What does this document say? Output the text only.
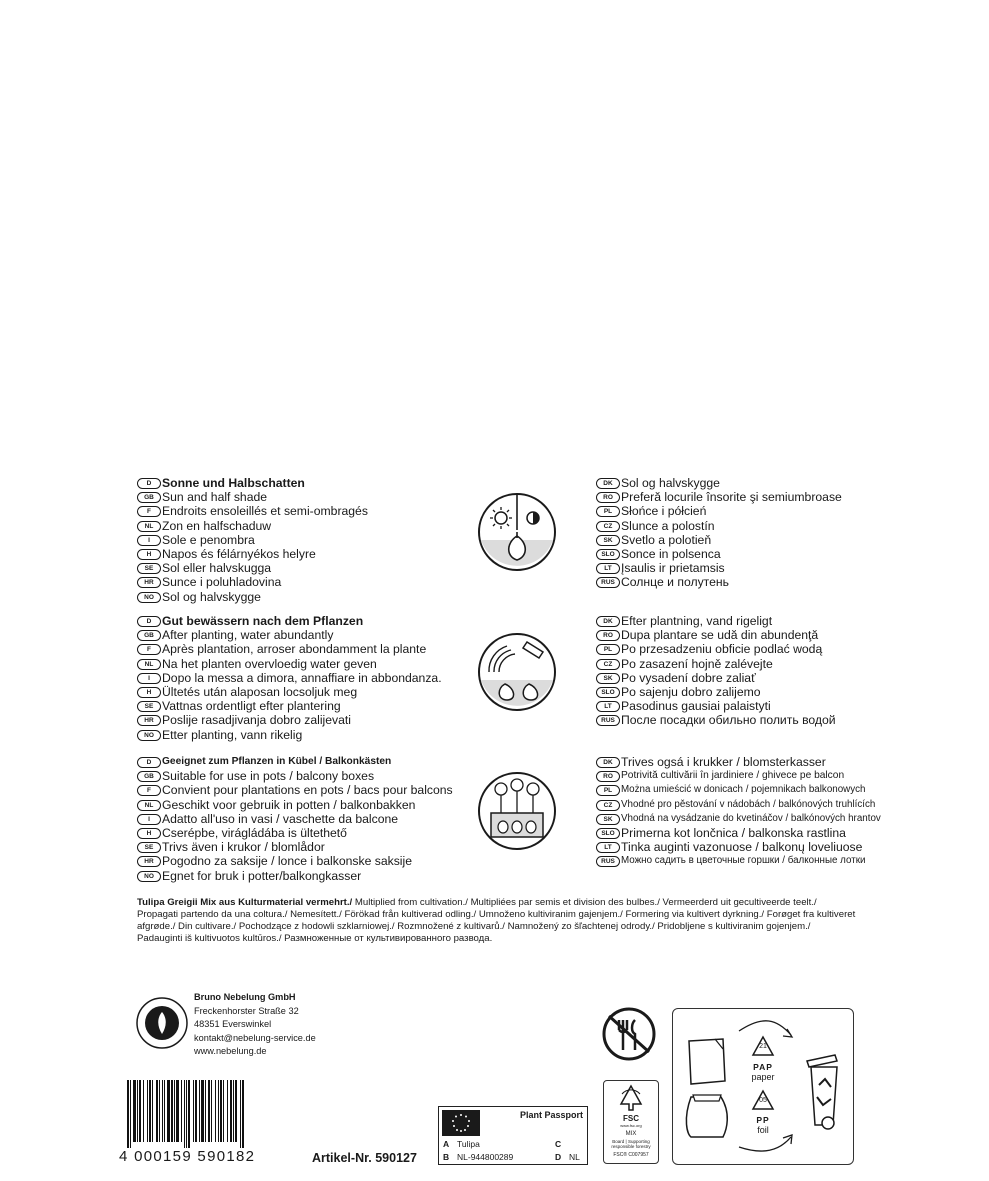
D Sonne und Halbschatten
GB Sun and half shade
F Endroits ensoleillés et semi-ombragés
NL Zon en halfschaduw
I Sole e penombra
H Napos és félárnyékos helyre
SE Sol eller halvskugga
HR Sunce i poluhladovina
NO Sol og halvskygge
DK Sol og halvskygge
RO Preferă locurile însorite şi semiumbroase
PL Słońce i półcień
CZ Slunce a polostín
SK Svetlo a polotieň
SLO Sonce in polsenca
LT Įsaulis ir prietamsis
RUS Солнце и полутень
D Gut bewässern nach dem Pflanzen
GB After planting, water abundantly
F Après plantation, arroser abondamment la plante
NL Na het planten overvloedig water geven
I Dopo la messa a dimora, annaffiare in abbondanza.
H Ültetés után alaposan locsoljuk meg
SE Vattnas ordentligt efter plantering
HR Poslije rasadjivanja dobro zalijevati
NO Etter planting, vann rikelig
DK Efter plantning, vand rigeligt
RO Dupa plantare se udă din abundenţă
PL Po przesadzeniu obficie podlać wodą
CZ Po zasazení hojně zalévejte
SK Po vysadení dobre zaliať
SLO Po sajenju dobro zalijemo
LT Pasodinus gausiai palaistyti
RUS После посадки обильно полить водой
D	Geeignet zum Pflanzen in Kübel / Balkonkästen
GB Suitable for use in pots / balcony boxes
F Convient pour plantations en pots / bacs pour balcons
NL Geschikt voor gebruik in potten / balkonbakken
I Adatto all'uso in vasi / vaschette da balcone
H Cserépbe, virágládába is ültethető
SE Trivs även i krukor / blomlådor
HR Pogodno za saksije / lonce i balkonske saksije
NO Egnet for bruk i potter/balkongkasser
DK Trives ogsá i krukker / blomsterkasser
RO Potrivită cultivării în jardiniere / ghivece pe balcon
PL Można umieścić w donicach / pojemnikach balkonowych
CZ Vhodné pro pěstování v nádobách / balkónových truhlících
SK Vhodná na vysádzanie do kvetináčov / balkónových hrantov
SLO Primerna kot lončnica / balkonska rastlina
LT Tinka auginti vazonuose / balkonų loveliuose
RUS Можно садить в цветочные горшки / балконные лотки
Tulipa Greigii Mix aus Kulturmaterial vermehrt./ Multiplied from cultivation./ Multipliées par semis et division des bulbes./ Vermeerderd uit gecultiveerde teelt./ Propagati partendo da una coltura./ Nemesített./ Förökad från kultiverad odling./ Umnoženo kultiviranim gajenjem./ Formering via kultivert dyrkning./ Forøget fra kultiveret afgrøde./ Din cultivare./ Pochodzące z hodowli szklarniowej./ Rozmnožené z kultivarů./ Namnožený zo šľachtenej odrody./ Pridobljene s kultiviranim gojenjem./ Padauginti iš kultivuotos kultūros./ Размноженные от культивированного развода.
Bruno Nebelung GmbH
Freckenhorster Straße 32
48351 Everswinkel
kontakt@nebelung-service.de
www.nebelung.de
4 000159 590182	Artikel-Nr. 590127
Plant Passport
A Tulipa	C
B NL-944800289	D NL
FSC
www.fsc.org
MIX
Board | Supporting responsible forestry
FSC® C007957
21
PAP
paper
05
PP
foil
